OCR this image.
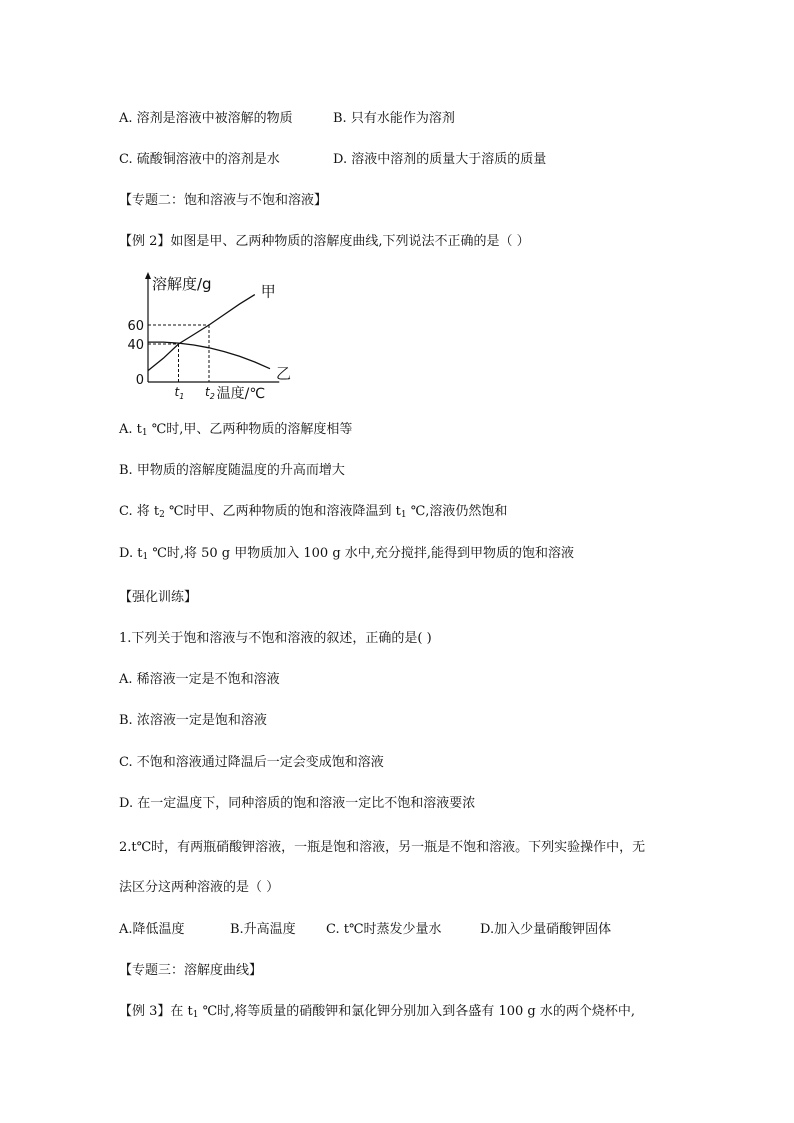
A. 溶剂是溶液中被溶解的物质	B. 只有水能作为溶剂
C. 硫酸铜溶液中的溶剂是水	D. 溶液中溶剂的质量大于溶质的质量
【专题二：饱和溶液与不饱和溶液】
【例 2】如图是甲、乙两种物质的溶解度曲线,下列说法不正确的是（ ）
溶解度/g
温度/℃
0
甲
乙
60
40
$t_1$ $t_2$
A. $t_1$ ℃时,甲、乙两种物质的溶解度相等
B. 甲物质的溶解度随温度的升高而增大
C. 将 $t_2$ ℃时甲、乙两种物质的饱和溶液降温到 $t_1$ ℃,溶液仍然饱和
D. $t_1$ ℃时,将 50 g 甲物质加入 100 g 水中,充分搅拌,能得到甲物质的饱和溶液
【强化训练】
1.下列关于饱和溶液与不饱和溶液的叙述，正确的是( )
A. 稀溶液一定是不饱和溶液
B. 浓溶液一定是饱和溶液
C. 不饱和溶液通过降温后一定会变成饱和溶液
D. 在一定温度下，同种溶质的饱和溶液一定比不饱和溶液要浓
2.t℃时，有两瓶硝酸钾溶液，一瓶是饱和溶液，另一瓶是不饱和溶液。下列实验操作中，无
法区分这两种溶液的是（ ）
A.降低温度	B.升高温度 C. t℃时蒸发少量水	D.加入少量硝酸钾固体
【专题三：溶解度曲线】
【例 3】在 $t_1$ ℃时,将等质量的硝酸钾和氯化钾分别加入到各盛有 100 g 水的两个烧杯中,
